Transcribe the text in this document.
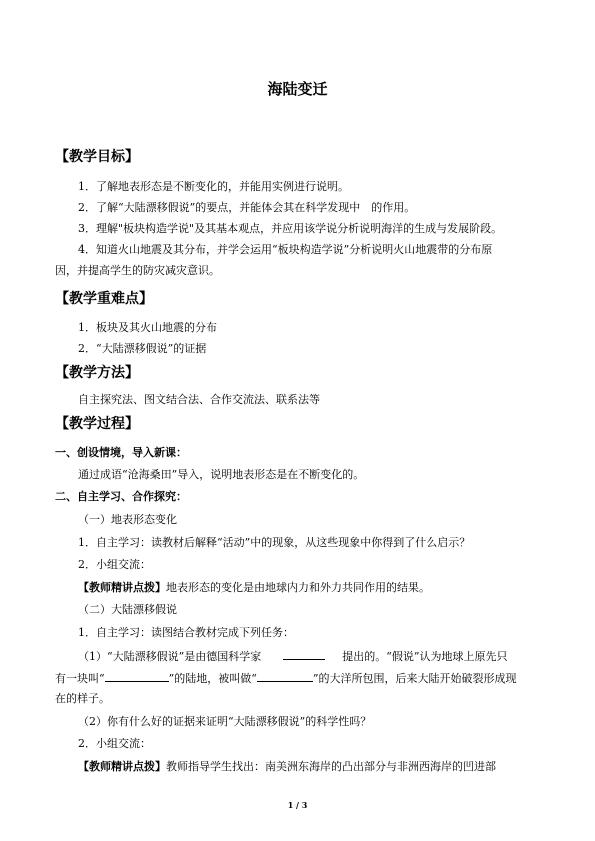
海陆变迁
【教学目标】
1．了解地表形态是不断变化的，并能用实例进行说明。
2．了解“大陆漂移假说”的要点，并能体会其在科学发现中　的作用。
3．理解"板块构造学说"及其基本观点，并应用该学说分析说明海洋的生成与发展阶段。
4．知道火山地震及其分布，并学会运用“板块构造学说”分析说明火山地震带的分布原
因，并提高学生的防灾减灾意识。
【教学重难点】
1．板块及其火山地震的分布
2．“大陆漂移假说”的证据
【教学方法】
自主探究法、图文结合法、合作交流法、联系法等
【教学过程】
一、创设情境，导入新课：
通过成语“沧海桑田”导入，说明地表形态是在不断变化的。
二、自主学习、合作探究：
（一）地表形态变化
1．自主学习：读教材后解释“活动”中的现象，从这些现象中你得到了什么启示？
2．小组交流：
【教师精讲点拨】地表形态的变化是由地球内力和外力共同作用的结果。
（二）大陆漂移假说
1．自主学习：读图结合教材完成下列任务：
（1）“大陆漂移假说”是由德国科学家	提出的。“假说”认为地球上原先只
有一块叫“	”的陆地，被叫做“	”的大洋所包围，后来大陆开始破裂形成现
在的样子。
（2）你有什么好的证据来证明“大陆漂移假说”的科学性吗？
2．小组交流：
【教师精讲点拨】教师指导学生找出：南美洲东海岸的凸出部分与非洲西海岸的凹进部
1 / 3
